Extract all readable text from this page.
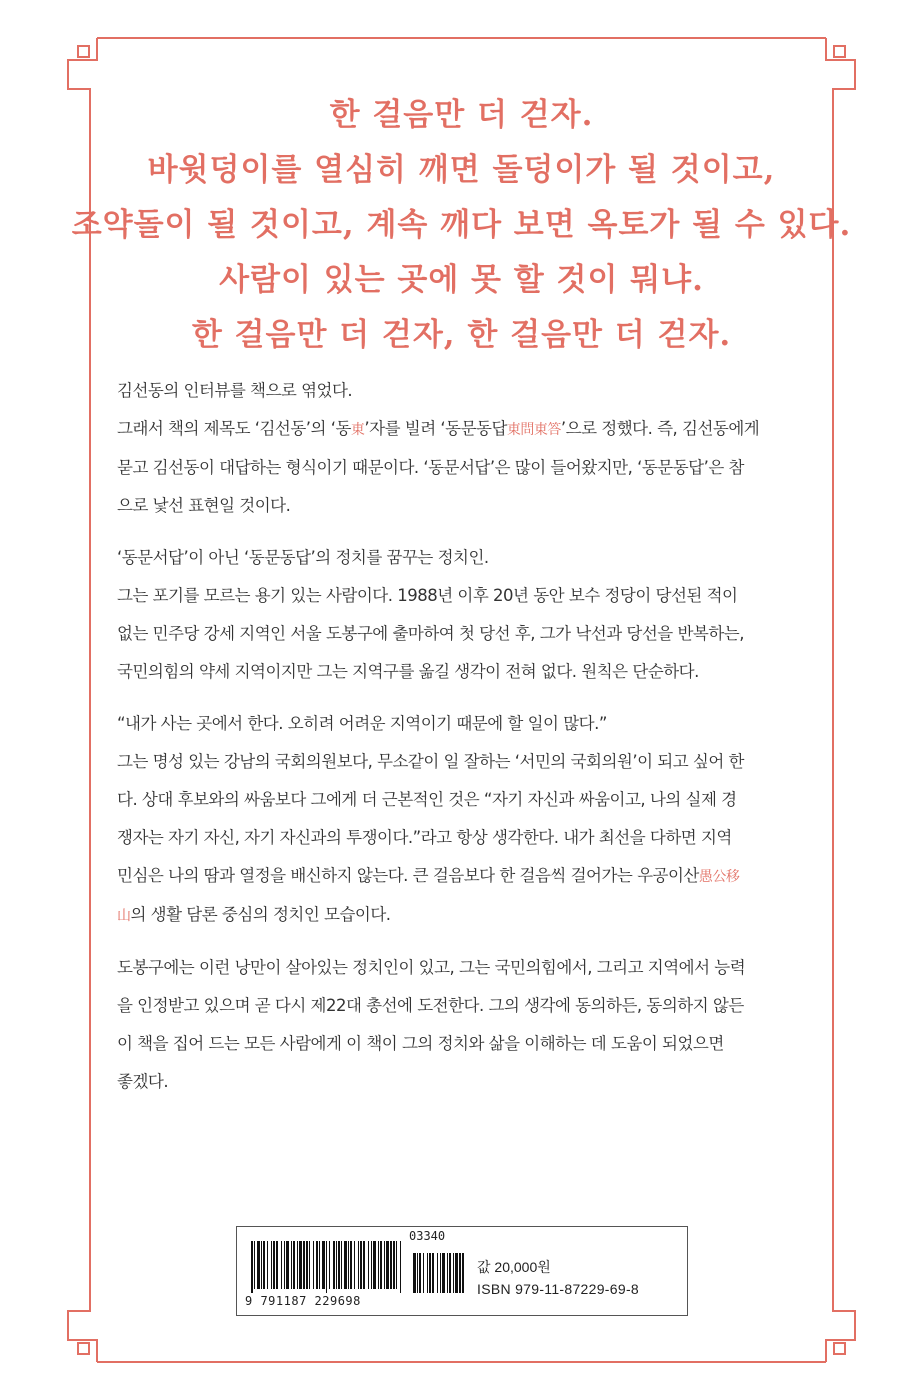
한 걸음만 더 걷자.
바윗덩이를 열심히 깨면 돌덩이가 될 것이고,
조약돌이 될 것이고, 계속 깨다 보면 옥토가 될 수 있다.
사람이 있는 곳에 못 할 것이 뭐냐.
한 걸음만 더 걷자, 한 걸음만 더 걷자.
김선동의 인터뷰를 책으로 엮었다.
그래서 책의 제목도 ‘김선동’의 ‘동東’자를 빌려 ‘동문동답東問東答’으로 정했다. 즉, 김선동에게
묻고 김선동이 대답하는 형식이기 때문이다. ‘동문서답’은 많이 들어왔지만, ‘동문동답’은 참
으로 낯선 표현일 것이다.
‘동문서답’이 아닌 ‘동문동답’의 정치를 꿈꾸는 정치인.
그는 포기를 모르는 용기 있는 사람이다. 1988년 이후 20년 동안 보수 정당이 당선된 적이
없는 민주당 강세 지역인 서울 도봉구에 출마하여 첫 당선 후, 그가 낙선과 당선을 반복하는,
국민의힘의 약세 지역이지만 그는 지역구를 옮길 생각이 전혀 없다. 원칙은 단순하다.
“내가 사는 곳에서 한다. 오히려 어려운 지역이기 때문에 할 일이 많다.”
그는 명성 있는 강남의 국회의원보다, 무소같이 일 잘하는 ‘서민의 국회의원’이 되고 싶어 한
다. 상대 후보와의 싸움보다 그에게 더 근본적인 것은 “자기 자신과 싸움이고, 나의 실제 경
쟁자는 자기 자신, 자기 자신과의 투쟁이다.”라고 항상 생각한다. 내가 최선을 다하면 지역
민심은 나의 땀과 열정을 배신하지 않는다. 큰 걸음보다 한 걸음씩 걸어가는 우공이산愚公移
山의 생활 담론 중심의 정치인 모습이다.
도봉구에는 이런 낭만이 살아있는 정치인이 있고, 그는 국민의힘에서, 그리고 지역에서 능력
을 인정받고 있으며 곧 다시 제22대 총선에 도전한다. 그의 생각에 동의하든, 동의하지 않든
이 책을 집어 드는 모든 사람에게 이 책이 그의 정치와 삶을 이해하는 데 도움이 되었으면
좋겠다.
03340
9 791187 229698
값 20,000원
ISBN 979-11-87229-69-8
